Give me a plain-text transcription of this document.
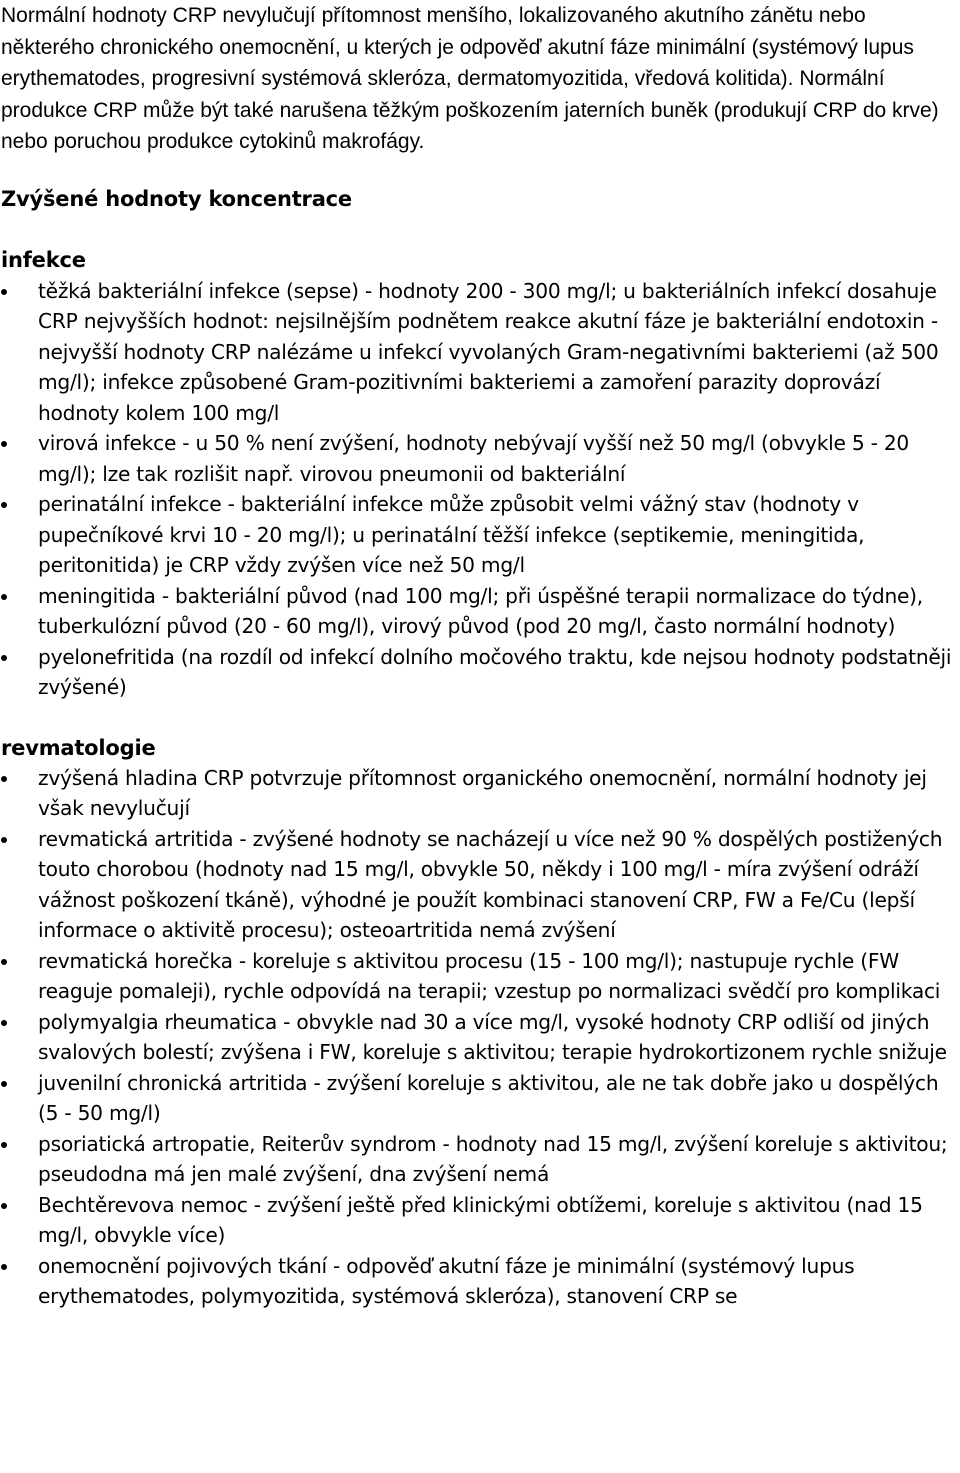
Normální hodnoty CRP nevylučují přítomnost menšího, lokalizovaného akutního zánětu nebo některého chronického onemocnění, u kterých je odpověď akutní fáze minimální (systémový lupus erythematodes, progresivní systémová skleróza, dermatomyozitida, vředová kolitida). Normální produkce CRP může být také narušena těžkým poškozením jaterních buněk (produkují CRP do krve) nebo poruchou produkce cytokinů makrofágy.

Zvýšené hodnoty koncentrace
infekce
těžká bakteriální infekce (sepse) - hodnoty 200 - 300 mg/l; u bakteriálních infekcí dosahuje CRP nejvyšších hodnot: nejsilnějším podnětem reakce akutní fáze je bakteriální endotoxin - nejvyšší hodnoty CRP nalézáme u infekcí vyvolaných Gram-negativními bakteriemi (až 500 mg/l); infekce způsobené Gram-pozitivními bakteriemi a zamoření parazity doprovází hodnoty kolem 100 mg/l
virová infekce - u 50 % není zvýšení, hodnoty nebývají vyšší než 50 mg/l (obvykle 5 - 20 mg/l); lze tak rozlišit např. virovou pneumonii od bakteriální
perinatální infekce - bakteriální infekce může způsobit velmi vážný stav (hodnoty v pupečníkové krvi 10 - 20 mg/l); u perinatální těžší infekce (septikemie, meningitida, peritonitida) je CRP vždy zvýšen více než 50 mg/l
meningitida - bakteriální původ (nad 100 mg/l; při úspěšné terapii normalizace do týdne), tuberkulózní původ (20 - 60 mg/l), virový původ (pod 20 mg/l, často normální hodnoty)
pyelonefritida (na rozdíl od infekcí dolního močového traktu, kde nejsou hodnoty podstatněji zvýšené)
revmatologie
zvýšená hladina CRP potvrzuje přítomnost organického onemocnění, normální hodnoty jej však nevylučují
revmatická artritida - zvýšené hodnoty se nacházejí u více než 90 % dospělých postižených touto chorobou (hodnoty nad 15 mg/l, obvykle 50, někdy i 100 mg/l - míra zvýšení odráží vážnost poškození tkáně), výhodné je použít kombinaci stanovení CRP, FW a Fe/Cu (lepší informace o aktivitě procesu); osteoartritida nemá zvýšení
revmatická horečka - koreluje s aktivitou procesu (15 - 100 mg/l); nastupuje rychle (FW reaguje pomaleji), rychle odpovídá na terapii; vzestup po normalizaci svědčí pro komplikaci
polymyalgia rheumatica - obvykle nad 30 a více mg/l, vysoké hodnoty CRP odliší od jiných svalových bolestí; zvýšena i FW, koreluje s aktivitou; terapie hydrokortizonem rychle snižuje
juvenilní chronická artritida - zvýšení koreluje s aktivitou, ale ne tak dobře jako u dospělých (5 - 50 mg/l)
psoriatická artropatie, Reiterův syndrom - hodnoty nad 15 mg/l, zvýšení koreluje s aktivitou; pseudodna má jen malé zvýšení, dna zvýšení nemá
Bechtěrevova nemoc - zvýšení ještě před klinickými obtížemi, koreluje s aktivitou (nad 15 mg/l, obvykle více)
onemocnění pojivových tkání - odpověď akutní fáze je minimální (systémový lupus erythematodes, polymyozitida, systémová skleróza), stanovení CRP se
